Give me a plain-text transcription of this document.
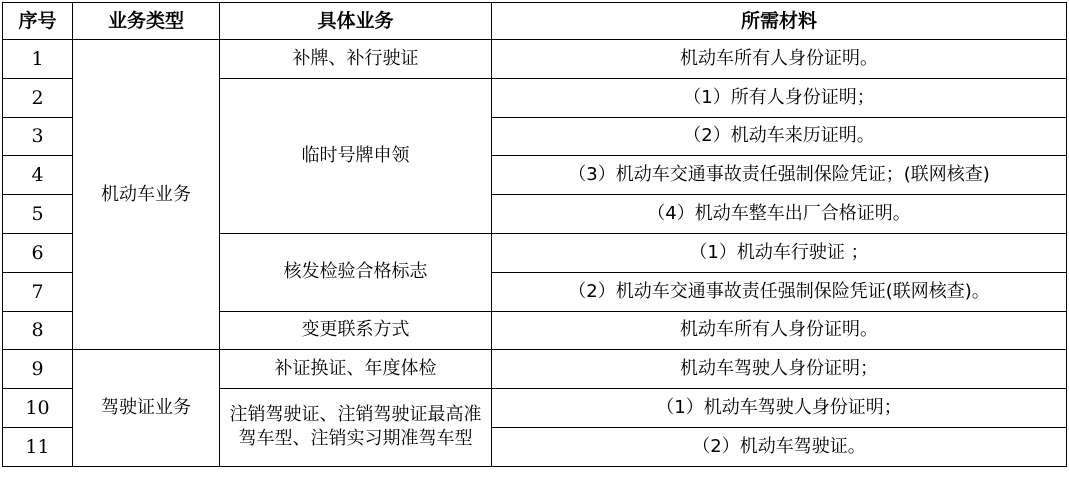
序号	业务类型	具体业务	所需材料
1	机动车业务	补牌、补行驶证	机动车所有人身份证明。
2		临时号牌申领	（1）所有人身份证明；
3			（2）机动车来历证明。
4			（3）机动车交通事故责任强制保险凭证；(联网核查)
5			（4）机动车整车出厂合格证明。
6		核发检验合格标志	（1）机动车行驶证 ；
7			（2）机动车交通事故责任强制保险凭证(联网核查)。
8		变更联系方式	机动车所有人身份证明。
9	驾驶证业务	补证换证、年度体检	机动车驾驶人身份证明；
10		注销驾驶证、注销驾驶证最高准驾车型、注销实习期准驾车型	（1）机动车驾驶人身份证明；
11			（2）机动车驾驶证。
